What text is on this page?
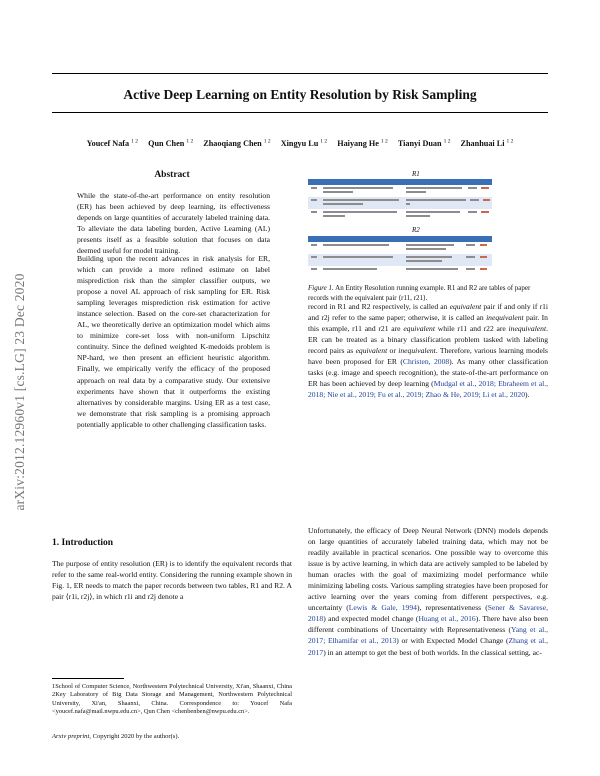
Active Deep Learning on Entity Resolution by Risk Sampling
Youcef Nafa $^{1 2}$ Qun Chen $^{1 2}$ Zhaoqiang Chen $^{1 2}$ Xingyu Lu $^{1 2}$ Haiyang He $^{1 2}$ Tianyi Duan $^{1 2}$ Zhanhuai Li $^{1 2}$
arXiv:2012.12960v1 [cs.LG] 23 Dec 2020
Abstract

While the state-of-the-art performance on entity resolution (ER) has been achieved by deep learning, its effectiveness depends on large quantities of accurately labeled training data. To alleviate the data labeling burden, Active Learning (AL) presents itself as a feasible solution that focuses on data deemed useful for model training.

Building upon the recent advances in risk analysis for ER, which can provide a more refined estimate on label misprediction risk than the simpler classifier outputs, we propose a novel AL approach of risk sampling for ER. Risk sampling leverages misprediction risk estimation for active instance selection. Based on the core-set characterization for AL, we theoretically derive an optimization model which aims to minimize core-set loss with non-uniform Lipschitz continuity. Since the defined weighted K-medoids problem is NP-hard, we then present an efficient heuristic algorithm. Finally, we empirically verify the efficacy of the proposed approach on real data by a comparative study. Our extensive experiments have shown that it outperforms the existing alternatives by considerable margins. Using ER as a test case, we demonstrate that risk sampling is a promising approach potentially applicable to other challenging classification tasks.

1. Introduction

The purpose of entity resolution (ER) is to identify the equivalent records that refer to the same real-world entity. Considering the running example shown in Fig. 1, ER needs to match the paper records between two tables, R1 and R2. A pair ⟨r1i, r2j⟩, in which r1i and r2j denote a

1School of Computer Science, Northwestern Polytechnical University, Xi'an, Shaanxi, China 2Key Laboratory of Big Data Storage and Management, Northwestern Polytechnical University, Xi'an, Shaanxi, China. Correspondence to: Youcef Nafa <youcef.nafa@mail.nwpu.edu.cn>, Qun Chen <chenbenben@nwpu.edu.cn>.

Arxiv preprint, Copyright 2020 by the author(s).
R1
R2

Figure 1. An Entity Resolution running example. R1 and R2 are tables of paper records with the equivalent pair ⟨r11, r21⟩.

record in R1 and R2 respectively, is called an equivalent pair if and only if r1i and r2j refer to the same paper; otherwise, it is called an inequivalent pair. In this example, r11 and r21 are equivalent while r11 and r22 are inequivalent. ER can be treated as a binary classification problem tasked with labeling record pairs as equivalent or inequivalent. Therefore, various learning models have been proposed for ER (Christen, 2008). As many other classification tasks (e.g. image and speech recognition), the state-of-the-art performance on ER has been achieved by deep learning (Mudgal et al., 2018; Ebraheem et al., 2018; Nie et al., 2019; Fu et al., 2019; Zhao & He, 2019; Li et al., 2020).

Unfortunately, the efficacy of Deep Neural Network (DNN) models depends on large quantities of accurately labeled training data, which may not be readily available in practical scenarios. One possible way to overcome this issue is by active learning, in which data are actively sampled to be labeled by human oracles with the goal of maximizing model performance while minimizing labeling costs. Various sampling strategies have been proposed for active learning over the years coming from different perspectives, e.g. uncertainty (Lewis & Gale, 1994), representativeness (Sener & Savarese, 2018) and expected model change (Huang et al., 2016). There have also been different combinations of Uncertainty with Representativeness (Yang et al., 2017; Elhamifar et al., 2013) or with Expected Model Change (Zhang et al., 2017) in an attempt to get the best of both worlds. In the classical setting, ac-
